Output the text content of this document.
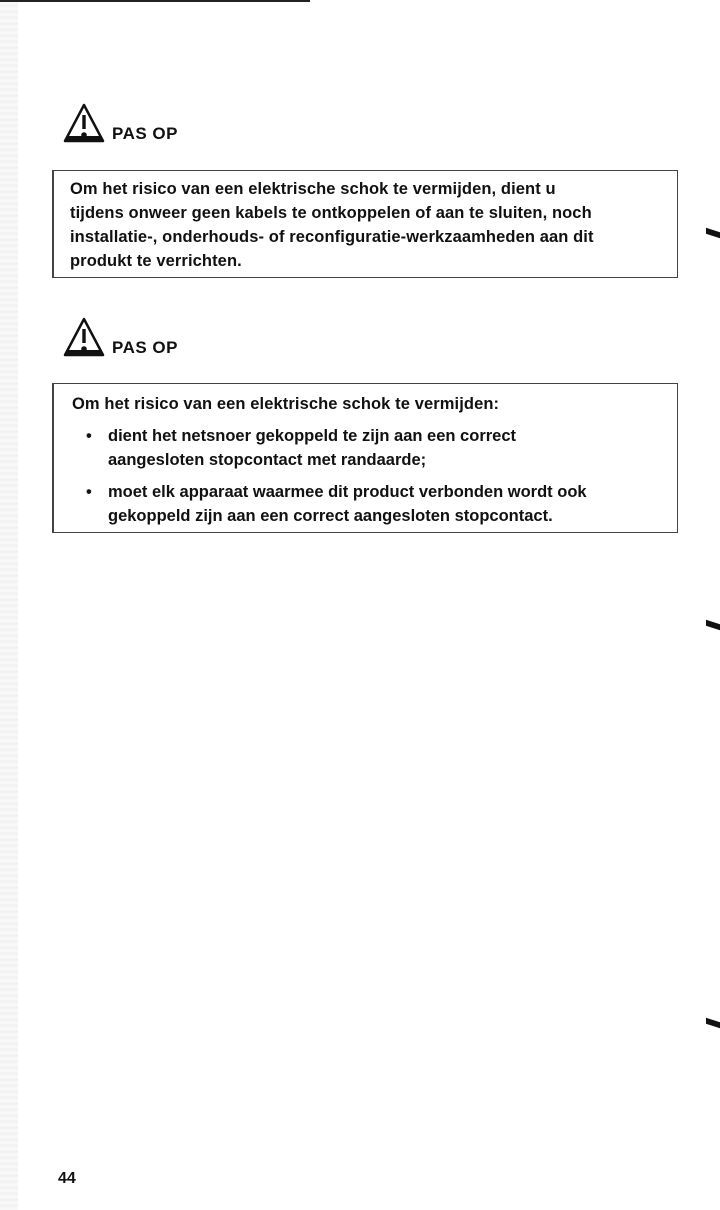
PAS OP
Om het risico van een elektrische schok te vermijden, dient u
tijdens onweer geen kabels te ontkoppelen of aan te sluiten, noch
installatie-, onderhouds- of reconfiguratie-werkzaamheden aan dit
produkt te verrichten.
PAS OP
Om het risico van een elektrische schok te vermijden:
• dient het netsnoer gekoppeld te zijn aan een correct
aangesloten stopcontact met randaarde;
• moet elk apparaat waarmee dit product verbonden wordt ook
gekoppeld zijn aan een correct aangesloten stopcontact.
44
